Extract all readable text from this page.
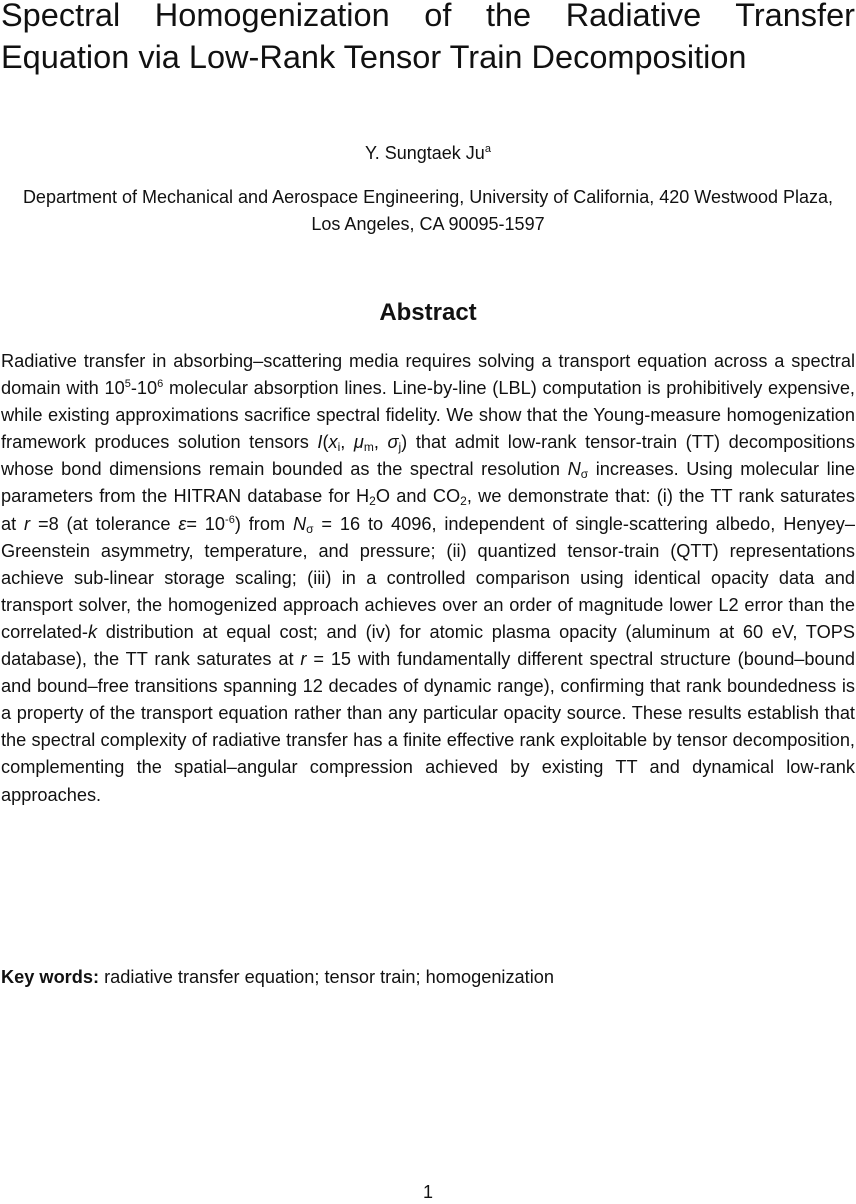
Spectral Homogenization of the Radiative Transfer Equation via Low-Rank Tensor Train Decomposition
Y. Sungtaek Ju$^a$
Department of Mechanical and Aerospace Engineering, University of California, 420 Westwood Plaza, Los Angeles, CA 90095-1597
Abstract

Radiative transfer in absorbing–scattering media requires solving a transport equation across a spectral domain with $10^5-10^6$ molecular absorption lines. Line-by-line (LBL) computation is prohibitively expensive, while existing approximations sacrifice spectral fidelity. We show that the Young-measure homogenization framework produces solution tensors $I(x_i$, $\mu_m$, $\sigma_j$) that admit low-rank tensor-train (TT) decompositions whose bond dimensions remain bounded as the spectral resolution $N_\sigma$ increases. Using molecular line parameters from the HITRAN database for $H_2O$ and $CO_2$, we demonstrate that: (i) the TT rank saturates at r =8 (at tolerance $\varepsilon= 10^{-6}$) from $N_\sigma = 16$ to 4096, independent of single-scattering albedo, Henyey–Greenstein asymmetry, temperature, and pressure; (ii) quantized tensor-train (QTT) representations achieve sub-linear storage scaling; (iii) in a controlled comparison using identical opacity data and transport solver, the homogenized approach achieves over an order of magnitude lower L2 error than the correlated-k distribution at equal cost; and (iv) for atomic plasma opacity (aluminum at 60 eV, TOPS database), the TT rank saturates at r = 15 with fundamentally different spectral structure (bound–bound and bound–free transitions spanning 12 decades of dynamic range), confirming that rank boundedness is a property of the transport equation rather than any particular opacity source. These results establish that the spectral complexity of radiative transfer has a finite effective rank exploitable by tensor decomposition, complementing the spatial–angular compression achieved by existing TT and dynamical low-rank approaches.

Key words: radiative transfer equation; tensor train; homogenization
1
